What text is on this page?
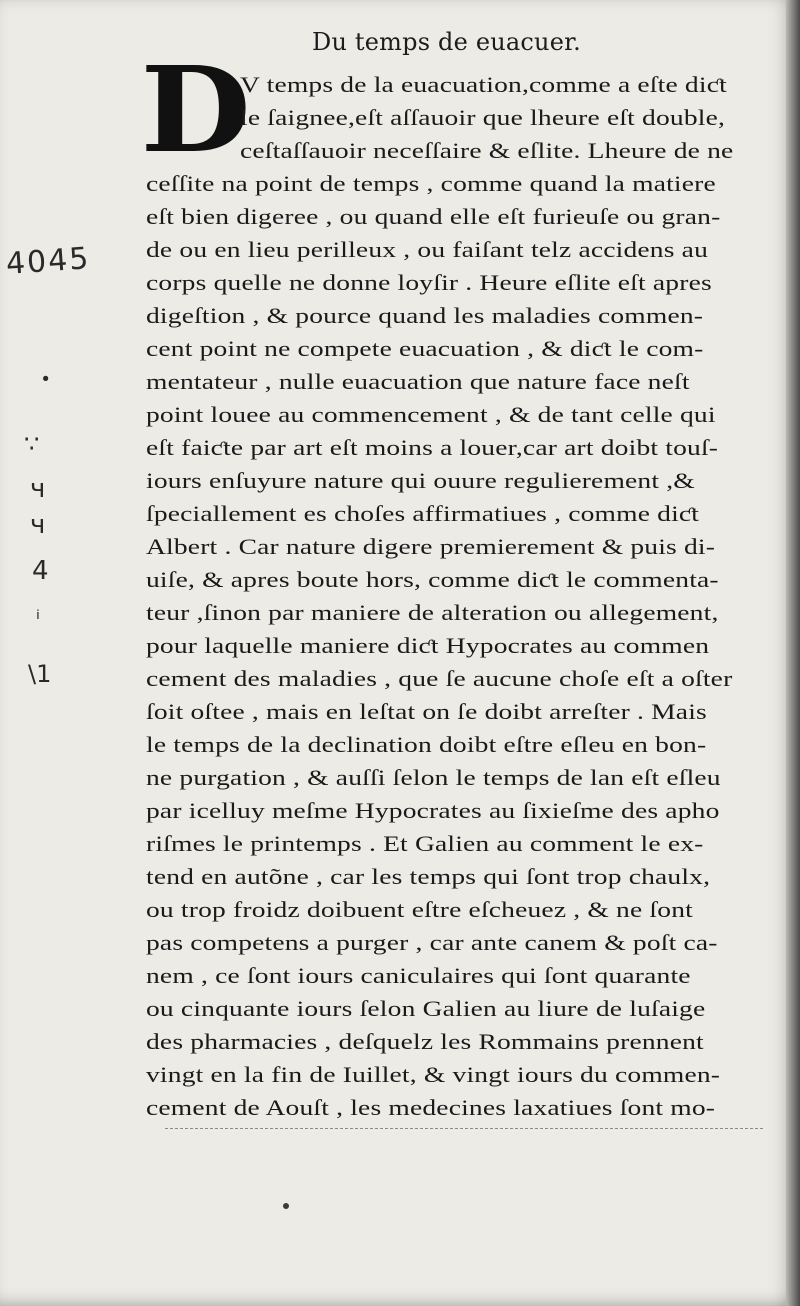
Du temps de euacuer.
D
V temps de la euacuation,comme a eſte diƈt
le ſaignee,eſt aſſauoir que lheure eſt double,
ceſtaſſauoir neceſſaire & eſlite. Lheure de ne
ceſſite na point de temps , comme quand la matiere
eſt bien digeree , ou quand elle eſt furieuſe ou gran-
de ou en lieu perilleux , ou faiſant telz accidens au
corps quelle ne donne loyſir . Heure eſlite eſt apres
digeſtion , & pource quand les maladies commen-
cent point ne compete euacuation , & diƈt le com-
mentateur , nulle euacuation que nature face neſt
point louee au commencement , & de tant celle qui
eſt faiƈte par art eſt moins a louer,car art doibt touſ-
iours enſuyure nature qui ouure regulierement ,&
ſpeciallement es choſes affirmatiues , comme diƈt
Albert . Car nature digere premierement & puis di-
uiſe, & apres boute hors, comme diƈt le commenta-
teur ,ſinon par maniere de alteration ou allegement,
pour laquelle maniere diƈt Hypocrates au commen
cement des maladies , que ſe aucune choſe eſt a oſter
ſoit oſtee , mais en leſtat on ſe doibt arreſter . Mais
le temps de la declination doibt eſtre eſleu en bon-
ne purgation , & auſſi ſelon le temps de lan eſt eſleu
par icelluy meſme Hypocrates au ſixieſme des apho
riſmes le printemps . Et Galien au comment le ex-
tend en autõne , car les temps qui ſont trop chaulx,
ou trop froidz doibuent eſtre eſcheuez , & ne ſont
pas competens a purger , car ante canem & poſt ca-
nem , ce ſont iours caniculaires qui ſont quarante
ou cinquante iours ſelon Galien au liure de luſaige
des pharmacies , deſquelz les Rommains prennent
vingt en la fin de Iuillet, & vingt iours du commen-
cement de Aouſt , les medecines laxatiues ſont mo-
4045
∙
∵
ч
ч
4
ᵢ
\1
